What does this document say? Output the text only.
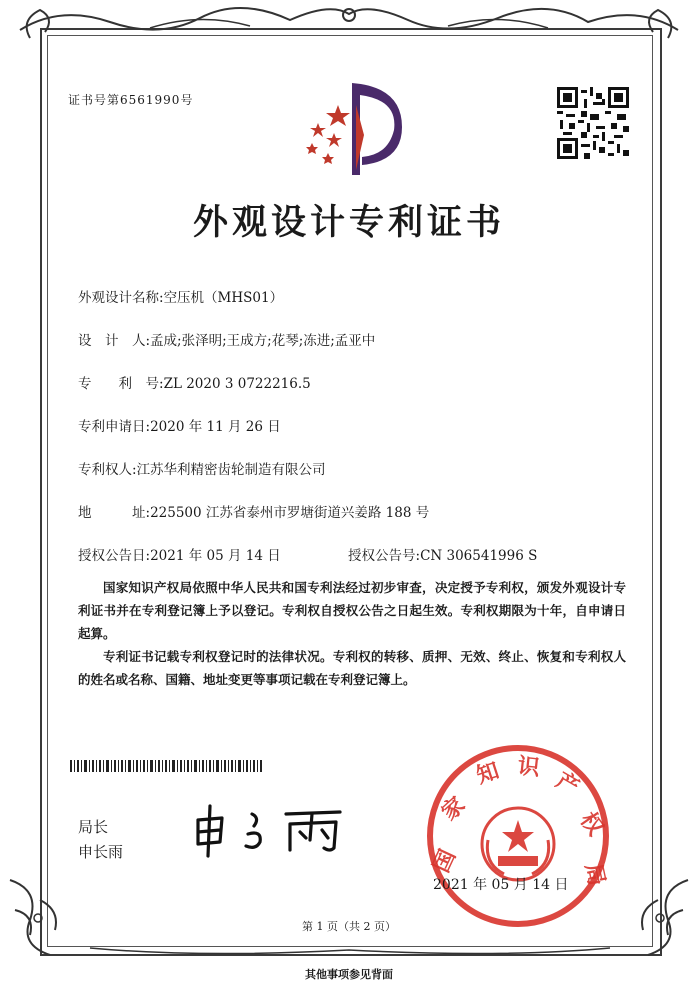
证书号第6561990号
外观设计专利证书
外观设计名称:空压机（MHS01）
设　计　人:孟成;张泽明;王成方;花琴;冻进;孟亚中
专　　利　号:ZL 2020 3 0722216.5
专利申请日:2020 年 11 月 26 日
专利权人:江苏华利精密齿轮制造有限公司
地　　　址:225500 江苏省泰州市罗塘街道兴姜路 188 号
授权公告日:2021 年 05 月 14 日	授权公告号:CN 306541996 S
国家知识产权局依照中华人民共和国专利法经过初步审查，决定授予专利权，颁发外观设计专利证书并在专利登记簿上予以登记。专利权自授权公告之日起生效。专利权期限为十年，自申请日起算。
专利证书记载专利权登记时的法律状况。专利权的转移、质押、无效、终止、恢复和专利权人的姓名或名称、国籍、地址变更等事项记载在专利登记簿上。
局长
申长雨	国
家
知 识
产
权
局
2021 年 05 月 14 日
第 1 页（共 2 页）
其他事项参见背面
